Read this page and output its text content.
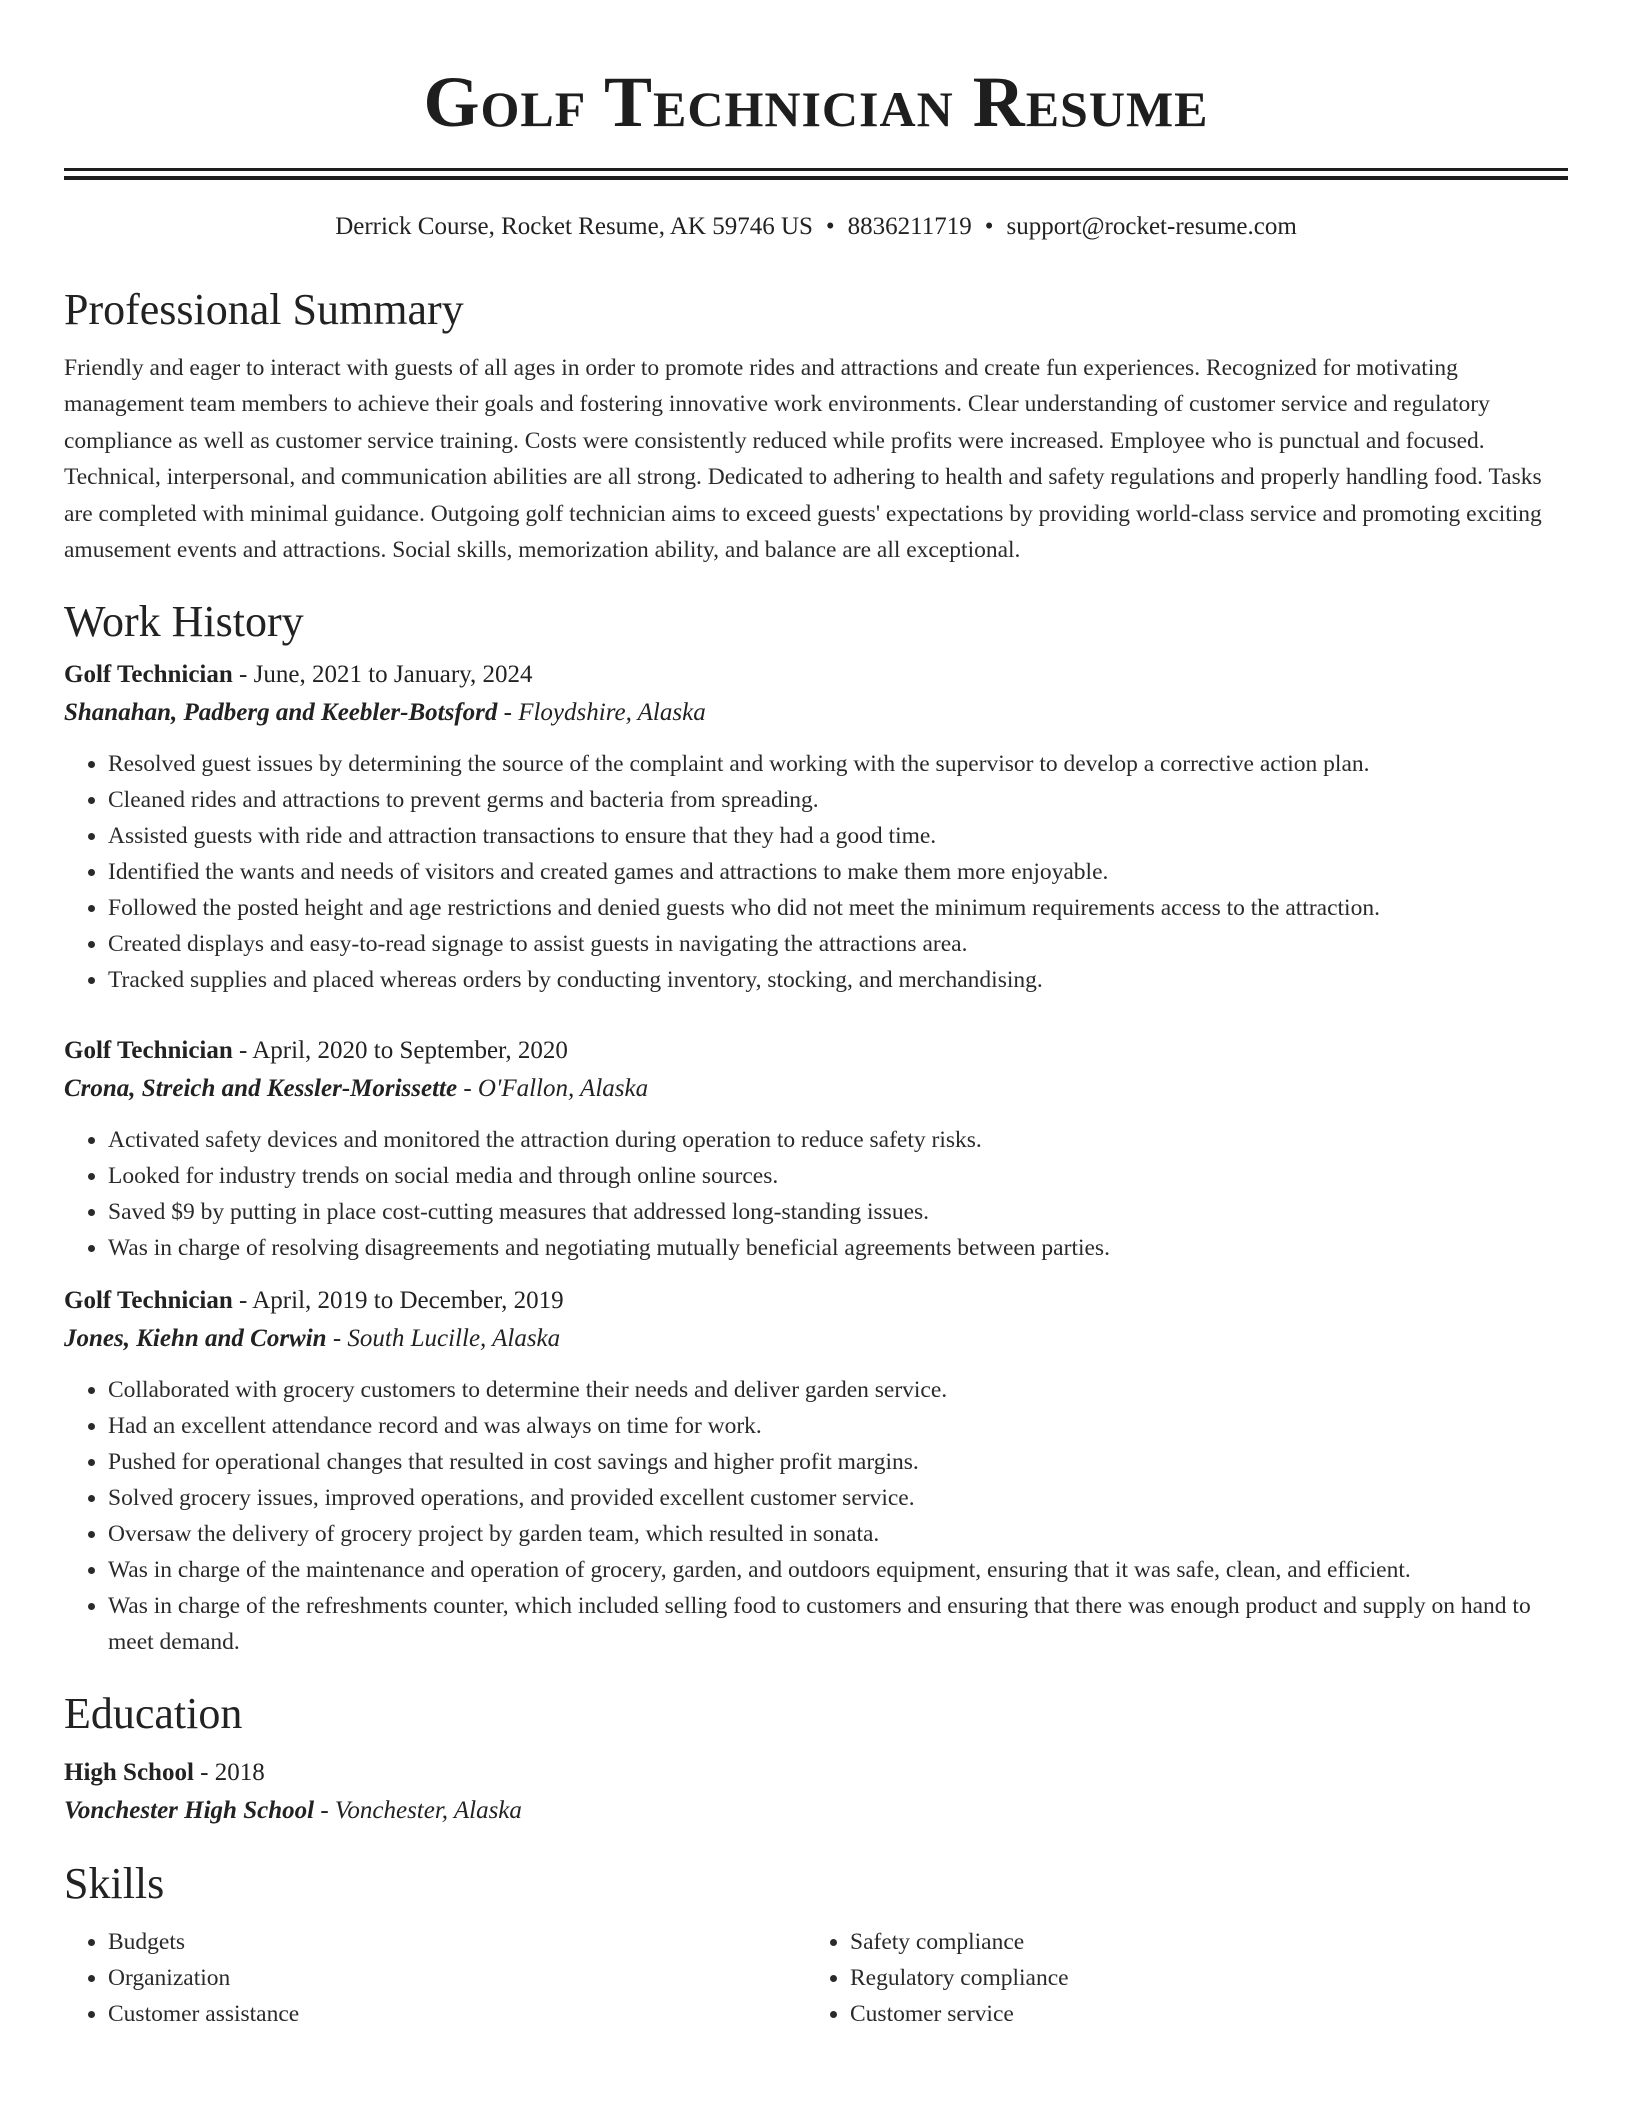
Golf Technician Resume
Derrick Course, Rocket Resume, AK 59746 US • 8836211719 • support@rocket-resume.com
Professional Summary

Friendly and eager to interact with guests of all ages in order to promote rides and attractions and create fun experiences. Recognized for motivating management team members to achieve their goals and fostering innovative work environments. Clear understanding of customer service and regulatory compliance as well as customer service training. Costs were consistently reduced while profits were increased. Employee who is punctual and focused. Technical, interpersonal, and communication abilities are all strong. Dedicated to adhering to health and safety regulations and properly handling food. Tasks are completed with minimal guidance. Outgoing golf technician aims to exceed guests' expectations by providing world-class service and promoting exciting amusement events and attractions. Social skills, memorization ability, and balance are all exceptional.

Work History
Golf Technician - June, 2021 to January, 2024
Shanahan, Padberg and Keebler-Botsford - Floydshire, Alaska
• Resolved guest issues by determining the source of the complaint and working with the supervisor to develop a corrective action plan.
• Cleaned rides and attractions to prevent germs and bacteria from spreading.
• Assisted guests with ride and attraction transactions to ensure that they had a good time.
• Identified the wants and needs of visitors and created games and attractions to make them more enjoyable.
• Followed the posted height and age restrictions and denied guests who did not meet the minimum requirements access to the attraction.
• Created displays and easy-to-read signage to assist guests in navigating the attractions area.
• Tracked supplies and placed whereas orders by conducting inventory, stocking, and merchandising.
Golf Technician - April, 2020 to September, 2020
Crona, Streich and Kessler-Morissette - O'Fallon, Alaska
• Activated safety devices and monitored the attraction during operation to reduce safety risks.
• Looked for industry trends on social media and through online sources.
• Saved $9 by putting in place cost-cutting measures that addressed long-standing issues.
• Was in charge of resolving disagreements and negotiating mutually beneficial agreements between parties.
Golf Technician - April, 2019 to December, 2019
Jones, Kiehn and Corwin - South Lucille, Alaska
• Collaborated with grocery customers to determine their needs and deliver garden service.
• Had an excellent attendance record and was always on time for work.
• Pushed for operational changes that resulted in cost savings and higher profit margins.
• Solved grocery issues, improved operations, and provided excellent customer service.
• Oversaw the delivery of grocery project by garden team, which resulted in sonata.
• Was in charge of the maintenance and operation of grocery, garden, and outdoors equipment, ensuring that it was safe, clean, and efficient.
• Was in charge of the refreshments counter, which included selling food to customers and ensuring that there was enough product and supply on hand to meet demand.
Education
High School - 2018
Vonchester High School - Vonchester, Alaska
Skills
• Budgets
• Organization
• Customer assistance
• Safety compliance
• Regulatory compliance
• Customer service
